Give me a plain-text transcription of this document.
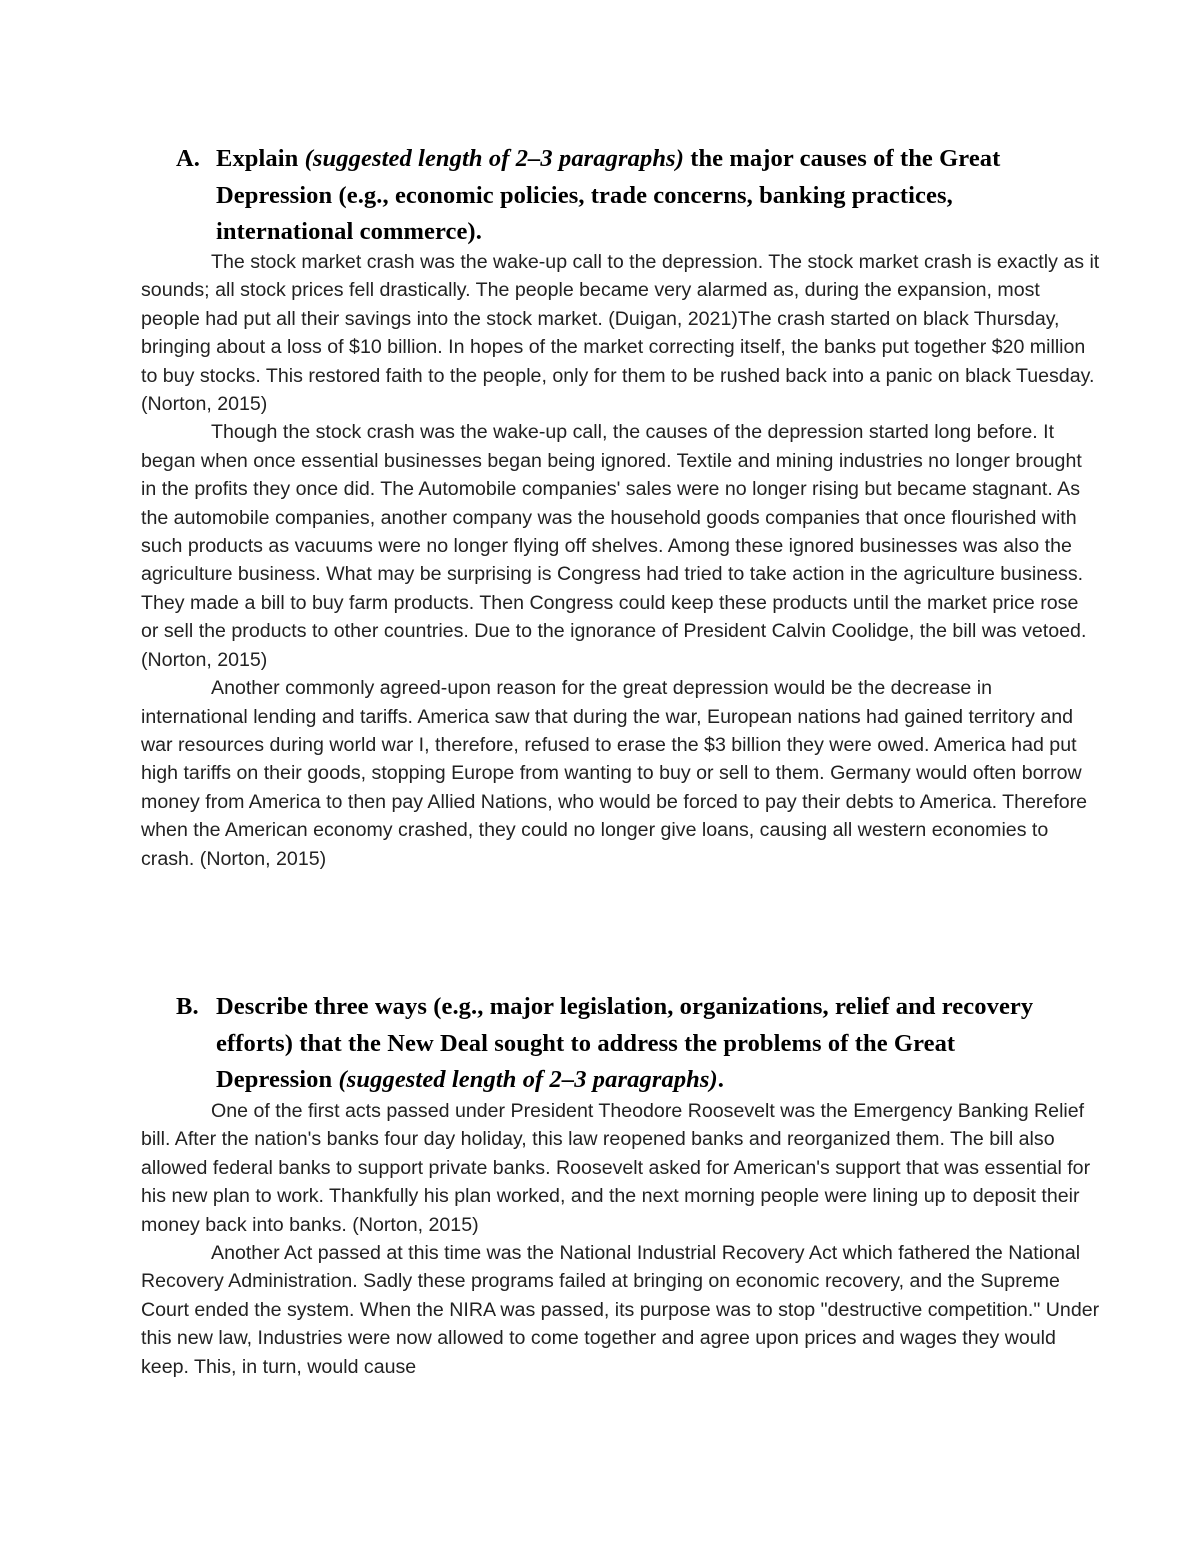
A. Explain (suggested length of 2–3 paragraphs) the major causes of the Great Depression (e.g., economic policies, trade concerns, banking practices, international commerce).

The stock market crash was the wake-up call to the depression. The stock market crash is exactly as it sounds; all stock prices fell drastically. The people became very alarmed as, during the expansion, most people had put all their savings into the stock market. (Duigan, 2021)The crash started on black Thursday, bringing about a loss of $10 billion. In hopes of the market correcting itself, the banks put together $20 million to buy stocks. This restored faith to the people, only for them to be rushed back into a panic on black Tuesday. (Norton, 2015)

Though the stock crash was the wake-up call, the causes of the depression started long before. It began when once essential businesses began being ignored. Textile and mining industries no longer brought in the profits they once did. The Automobile companies' sales were no longer rising but became stagnant. As the automobile companies, another company was the household goods companies that once flourished with such products as vacuums were no longer flying off shelves. Among these ignored businesses was also the agriculture business. What may be surprising is Congress had tried to take action in the agriculture business. They made a bill to buy farm products. Then Congress could keep these products until the market price rose or sell the products to other countries. Due to the ignorance of President Calvin Coolidge, the bill was vetoed. (Norton, 2015)

Another commonly agreed-upon reason for the great depression would be the decrease in international lending and tariffs. America saw that during the war, European nations had gained territory and war resources during world war I, therefore, refused to erase the $3 billion they were owed. America had put high tariffs on their goods, stopping Europe from wanting to buy or sell to them. Germany would often borrow money from America to then pay Allied Nations, who would be forced to pay their debts to America. Therefore when the American economy crashed, they could no longer give loans, causing all western economies to crash. (Norton, 2015)

B. Describe three ways (e.g., major legislation, organizations, relief and recovery efforts) that the New Deal sought to address the problems of the Great Depression (suggested length of 2–3 paragraphs).

One of the first acts passed under President Theodore Roosevelt was the Emergency Banking Relief bill. After the nation's banks four day holiday, this law reopened banks and reorganized them. The bill also allowed federal banks to support private banks. Roosevelt asked for American's support that was essential for his new plan to work. Thankfully his plan worked, and the next morning people were lining up to deposit their money back into banks. (Norton, 2015)

Another Act passed at this time was the National Industrial Recovery Act which fathered the National Recovery Administration. Sadly these programs failed at bringing on economic recovery, and the Supreme Court ended the system. When the NIRA was passed, its purpose was to stop "destructive competition." Under this new law, Industries were now allowed to come together and agree upon prices and wages they would keep. This, in turn, would cause
